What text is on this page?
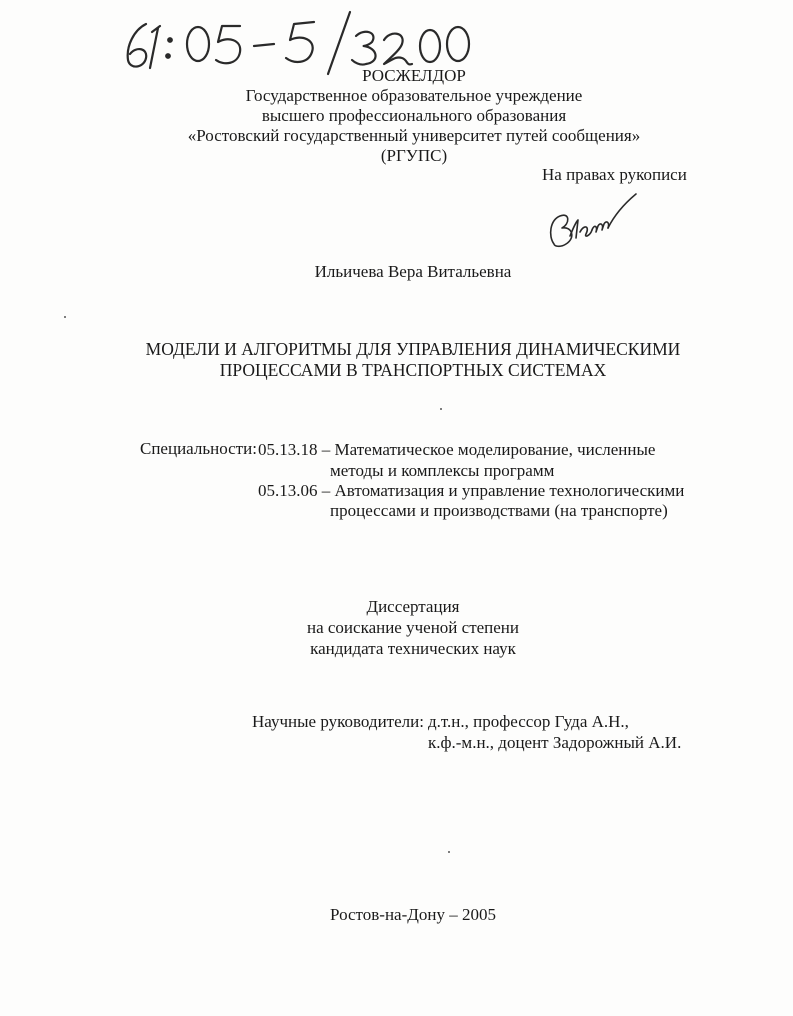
РОСЖЕЛДОР
Государственное образовательное учреждение
высшего профессионального образования
«Ростовский государственный университет путей сообщения»
(РГУПС)
На правах рукописи
Ильичева Вера Витальевна
МОДЕЛИ И АЛГОРИТМЫ ДЛЯ УПРАВЛЕНИЯ ДИНАМИЧЕСКИМИ
ПРОЦЕССАМИ В ТРАНСПОРТНЫХ СИСТЕМАХ
Специальности: 05.13.18 – Математическое моделирование, численные
методы и комплексы программ
05.13.06 – Автоматизация и управление технологическими
процессами и производствами (на транспорте)
Диссертация
на соискание ученой степени
кандидата технических наук
Научные руководители: д.т.н., профессор Гуда А.Н.,
к.ф.-м.н., доцент Задорожный А.И.
Ростов-на-Дону – 2005
